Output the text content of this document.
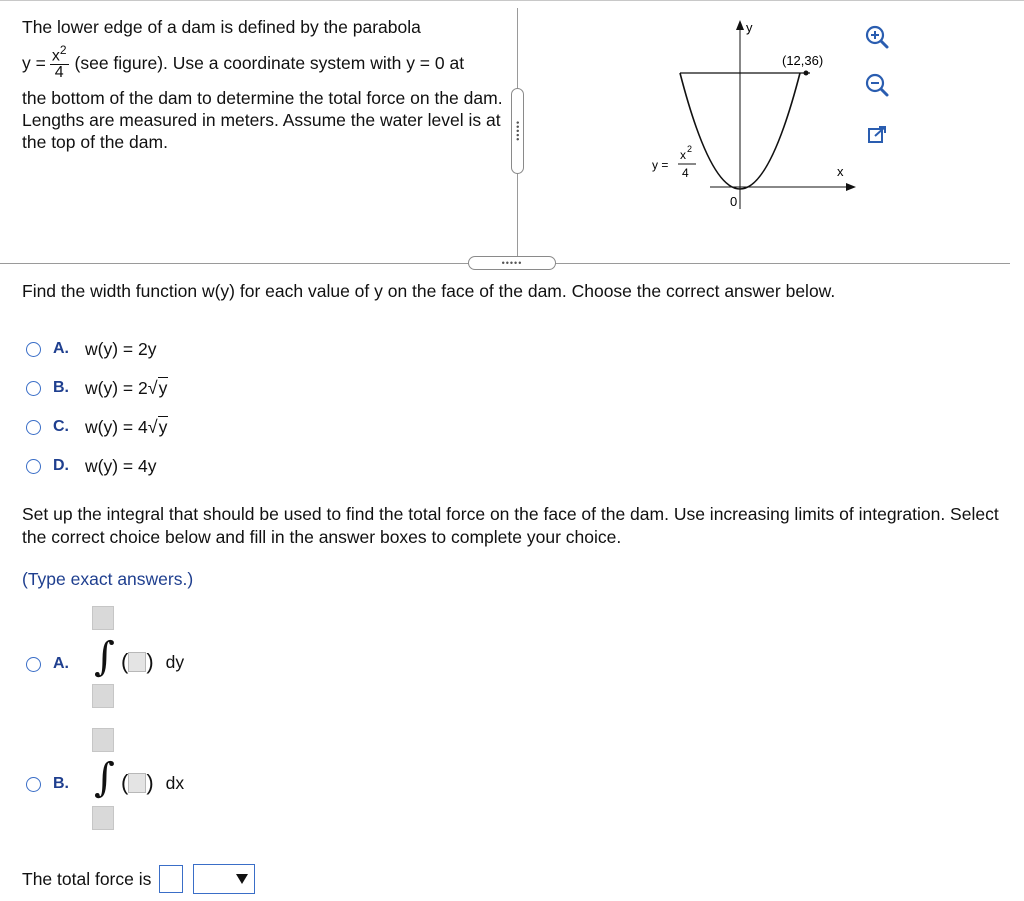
The lower edge of a dam is defined by the parabola
$y = \frac{x^2}{4} (see$ figure). Use a coordinate system with y = 0 at
the bottom of the dam to determine the total force on the dam. Lengths are measured in meters. Assume the water level is at the top of the dam.
•••••
y
x
0
(12,36)
y =
x 2
4
•••••
Find the width function w(y) for each value of y on the face of the dam. Choose the correct answer below.
A. w(y) = 2y
B. w(y) = 2 √y
C. w(y) = 4 √y
D. w(y) = 4y
Set up the integral that should be used to find the total force on the face of the dam. Use increasing limits of integration. Select the correct choice below and fill in the answer boxes to complete your choice.
(Type exact answers.)
A. ∫ ( ) dy
B. ∫ ( ) dx
The total force is
